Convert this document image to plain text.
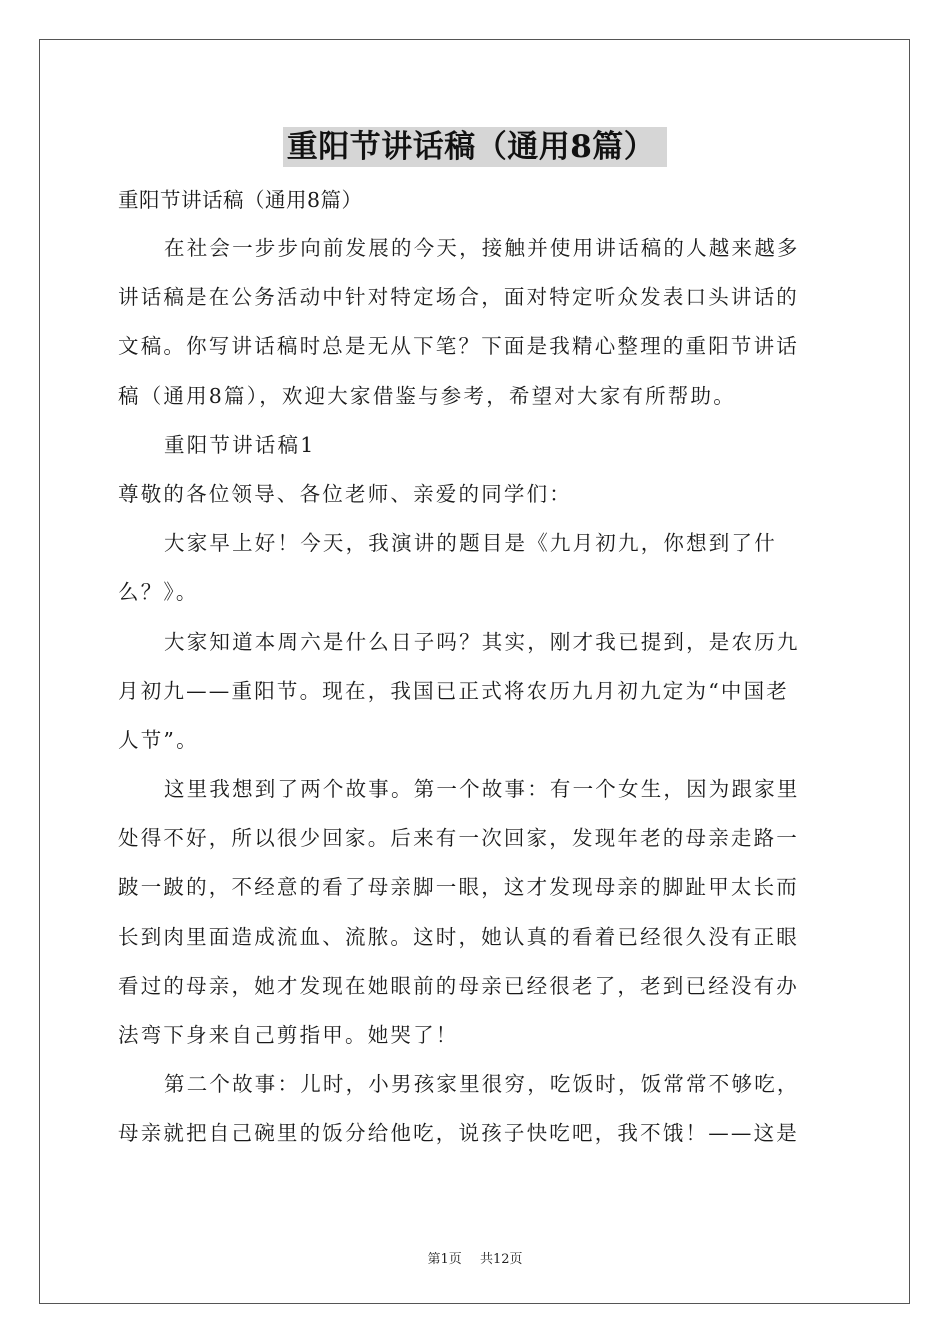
重阳节讲话稿（通用8篇）
重阳节讲话稿（通用8篇）
在社会一步步向前发展的今天，接触并使用讲话稿的人越来越多
讲话稿是在公务活动中针对特定场合，面对特定听众发表口头讲话的
文稿。你写讲话稿时总是无从下笔？下面是我精心整理的重阳节讲话
稿（通用8篇），欢迎大家借鉴与参考，希望对大家有所帮助。
重阳节讲话稿1
尊敬的各位领导、各位老师、亲爱的同学们：
大家早上好！今天，我演讲的题目是《九月初九，你想到了什
么？》。
大家知道本周六是什么日子吗？其实，刚才我已提到，是农历九
月初九——重阳节。现在，我国已正式将农历九月初九定为“中国老
人节”。
这里我想到了两个故事。第一个故事：有一个女生，因为跟家里
处得不好，所以很少回家。后来有一次回家，发现年老的母亲走路一
跛一跛的，不经意的看了母亲脚一眼，这才发现母亲的脚趾甲太长而
长到肉里面造成流血、流脓。这时，她认真的看着已经很久没有正眼
看过的母亲，她才发现在她眼前的母亲已经很老了，老到已经没有办
法弯下身来自己剪指甲。她哭了！
第二个故事：儿时，小男孩家里很穷，吃饭时，饭常常不够吃，
母亲就把自己碗里的饭分给他吃，说孩子快吃吧，我不饿！——这是
第1页 共12页
